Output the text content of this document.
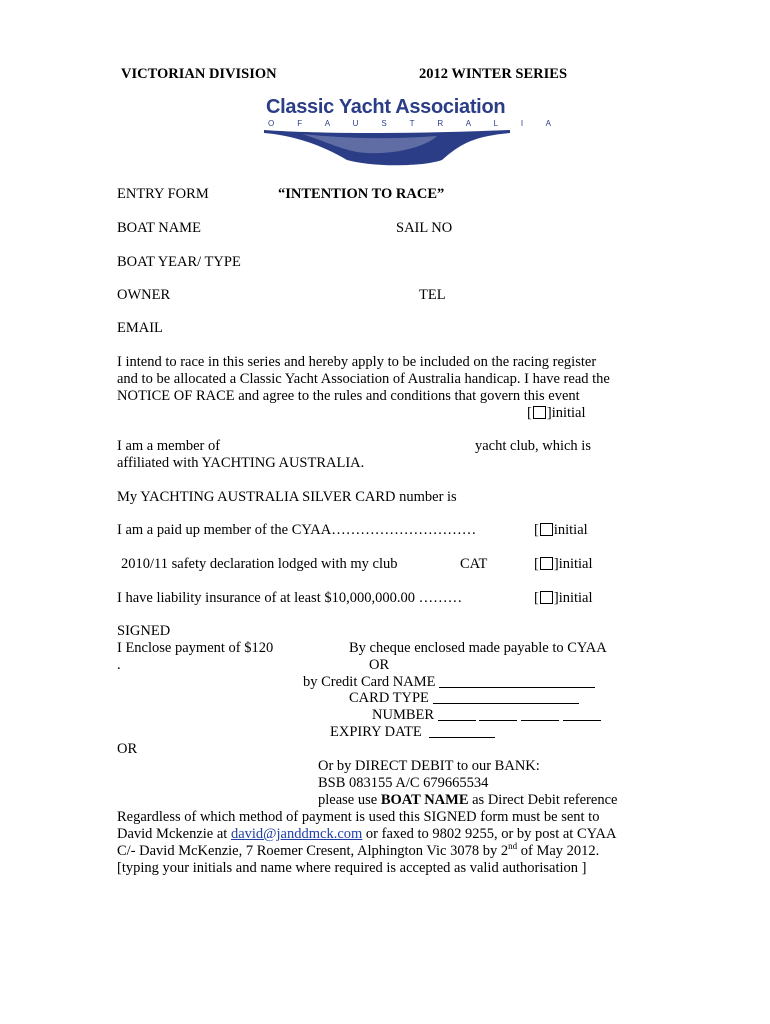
VICTORIAN DIVISION	2012 WINTER SERIES
Classic Yacht Association
O F A U S T R A L I A
ENTRY FORM	“INTENTION TO RACE”
BOAT NAME	SAIL NO
BOAT YEAR/ TYPE
OWNER	TEL
EMAIL
I intend to race in this series and hereby apply to be included on the racing register
and to be allocated a Classic Yacht Association of Australia handicap. I have read the
NOTICE OF RACE and agree to the rules and conditions that govern this event
[ ]initial
I am a member of	yacht club, which is
affiliated with YACHTING AUSTRALIA.
My YACHTING AUSTRALIA SILVER CARD number is
I am a paid up member of the CYAA…………………………	[ initial
2010/11 safety declaration lodged with my club	CAT	[ ]initial
I have liability insurance of at least $10,000,000.00 ………	[ ]initial
SIGNED
I Enclose payment of $120	By cheque enclosed made payable to CYAA
.	OR
by Credit Card NAME
CARD TYPE
NUMBER
EXPIRY DATE
OR
Or by DIRECT DEBIT to our BANK:
BSB 083155 A/C 679665534
please use BOAT NAME as Direct Debit reference
Regardless of which method of payment is used this SIGNED form must be sent to
David Mckenzie at david@janddmck.com or faxed to 9802 9255, or by post at CYAA
C/- David McKenzie, 7 Roemer Cresent, Alphington Vic 3078 by 2nd of May 2012.
[typing your initials and name where required is accepted as valid authorisation ]
